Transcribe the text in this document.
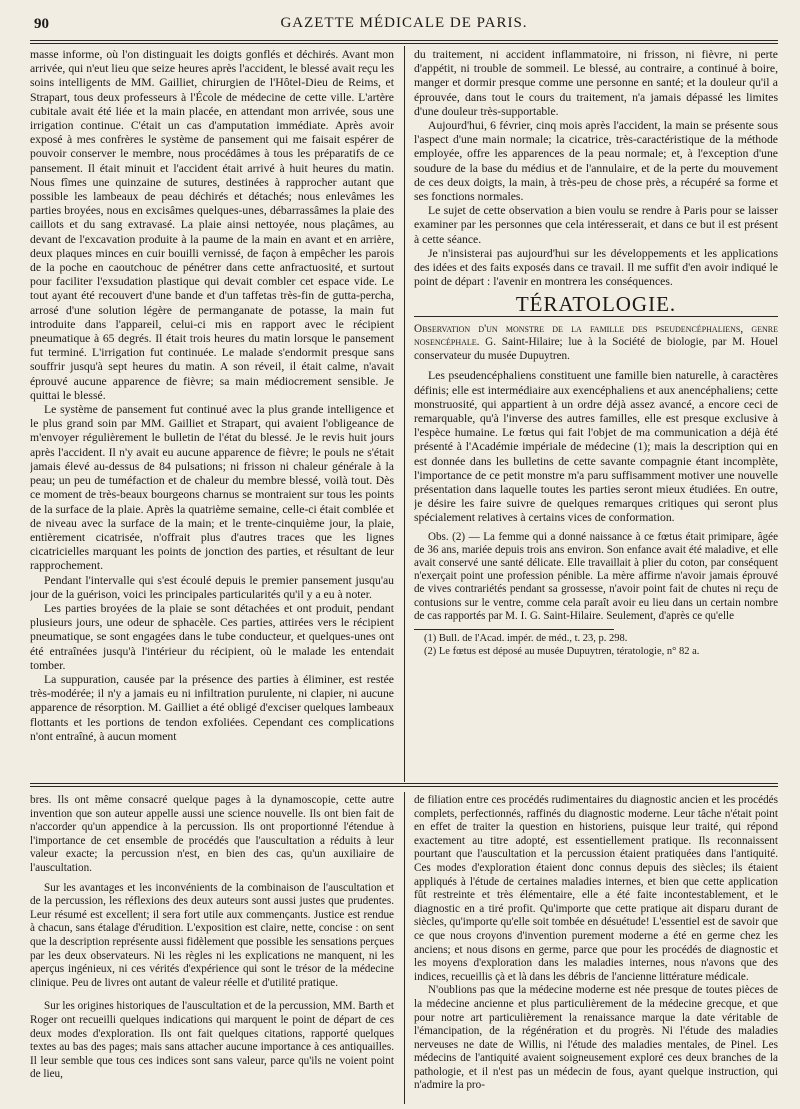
90	GAZETTE MÉDICALE DE PARIS.

masse informe, où l'on distinguait les doigts gonflés et déchirés. Avant mon arrivée, qui n'eut lieu que seize heures après l'accident, le blessé avait reçu les soins intelligents de MM. Gailliet, chirurgien de l'Hôtel-Dieu de Reims, et Strapart, tous deux professeurs à l'École de médecine de cette ville. L'artère cubitale avait été liée et la main placée, en attendant mon arrivée, sous une irrigation continue. C'était un cas d'amputation immédiate. Après avoir exposé à mes confrères le système de pansement qui me faisait espérer de pouvoir conserver le membre, nous procédâmes à tous les préparatifs de ce pansement. Il était minuit et l'accident était arrivé à huit heures du matin. Nous fîmes une quinzaine de sutures, destinées à rapprocher autant que possible les lambeaux de peau déchirés et détachés; nous enlevâmes les parties broyées, nous en excisâmes quelques-unes, débarrassâmes la plaie des caillots et du sang extravasé. La plaie ainsi nettoyée, nous plaçâmes, au devant de l'excavation produite à la paume de la main en avant et en arrière, deux plaques minces en cuir bouilli vernissé, de façon à empêcher les parois de la poche en caoutchouc de pénétrer dans cette anfractuosité, et surtout pour faciliter l'exsudation plastique qui devait combler cet espace vide. Le tout ayant été recouvert d'une bande et d'un taffetas très-fin de gutta-percha, arrosé d'une solution légère de permanganate de potasse, la main fut introduite dans l'appareil, celui-ci mis en rapport avec le récipient pneumatique à 65 degrés. Il était trois heures du matin lorsque le pansement fut terminé. L'irrigation fut continuée. Le malade s'endormit presque sans souffrir jusqu'à sept heures du matin. A son réveil, il était calme, n'avait éprouvé aucune apparence de fièvre; sa main médiocrement sensible. Je quittai le blessé.

Le système de pansement fut continué avec la plus grande intelligence et le plus grand soin par MM. Gailliet et Strapart, qui avaient l'obligeance de m'envoyer régulièrement le bulletin de l'état du blessé. Je le revis huit jours après l'accident. Il n'y avait eu aucune apparence de fièvre; le pouls ne s'était jamais élevé au-dessus de 84 pulsations; ni frisson ni chaleur générale à la peau; un peu de tuméfaction et de chaleur du membre blessé, voilà tout. Dès ce moment de très-beaux bourgeons charnus se montraient sur tous les points de la surface de la plaie. Après la quatrième semaine, celle-ci était comblée et de niveau avec la surface de la main; et le trente-cinquième jour, la plaie, entièrement cicatrisée, n'offrait plus d'autres traces que les lignes cicatricielles marquant les points de jonction des parties, et résultant de leur rapprochement.

Pendant l'intervalle qui s'est écoulé depuis le premier pansement jusqu'au jour de la guérison, voici les principales particularités qu'il y a eu à noter.

Les parties broyées de la plaie se sont détachées et ont produit, pendant plusieurs jours, une odeur de sphacèle. Ces parties, attirées vers le récipient pneumatique, se sont engagées dans le tube conducteur, et quelques-unes ont été entraînées jusqu'à l'intérieur du récipient, où le malade les entendait tomber.

La suppuration, causée par la présence des parties à éliminer, est restée très-modérée; il n'y a jamais eu ni infiltration purulente, ni clapier, ni aucune apparence de résorption. M. Gailliet a été obligé d'exciser quelques lambeaux flottants et les portions de tendon exfoliées. Cependant ces complications n'ont entraîné, à aucun moment

du traitement, ni accident inflammatoire, ni frisson, ni fièvre, ni perte d'appétit, ni trouble de sommeil. Le blessé, au contraire, a continué à boire, manger et dormir presque comme une personne en santé; et la douleur qu'il a éprouvée, dans tout le cours du traitement, n'a jamais dépassé les limites d'une douleur très-supportable.

Aujourd'hui, 6 février, cinq mois après l'accident, la main se présente sous l'aspect d'une main normale; la cicatrice, très-caractéristique de la méthode employée, offre les apparences de la peau normale; et, à l'exception d'une soudure de la base du médius et de l'annulaire, et de la perte du mouvement de ces deux doigts, la main, à très-peu de chose près, a récupéré sa forme et ses fonctions normales.

Le sujet de cette observation a bien voulu se rendre à Paris pour se laisser examiner par les personnes que cela intéresserait, et dans ce but il est présent à cette séance.

Je n'insisterai pas aujourd'hui sur les développements et les applications des idées et des faits exposés dans ce travail. Il me suffit d'en avoir indiqué le point de départ : l'avenir en montrera les conséquences.

TÉRATOLOGIE.

Observation d'un monstre de la famille des pseudencéphaliens, genre nosencéphale. G. Saint-Hilaire; lue à la Société de biologie, par M. Houel conservateur du musée Dupuytren.

Les pseudencéphaliens constituent une famille bien naturelle, à caractères définis; elle est intermédiaire aux exencéphaliens et aux anencéphaliens; cette monstruosité, qui appartient à un ordre déjà assez avancé, a encore ceci de remarquable, qu'à l'inverse des autres familles, elle est presque exclusive à l'espèce humaine. Le fœtus qui fait l'objet de ma communication a déjà été présenté à l'Académie impériale de médecine (1); mais la description qui en est donnée dans les bulletins de cette savante compagnie étant incomplète, l'importance de ce petit monstre m'a paru suffisamment motiver une nouvelle présentation dans laquelle toutes les parties seront mieux étudiées. En outre, je désire les faire suivre de quelques remarques critiques qui seront plus spécialement relatives à certains vices de conformation.

Obs. (2) — La femme qui a donné naissance à ce fœtus était primipare, âgée de 36 ans, mariée depuis trois ans environ. Son enfance avait été maladive, et elle avait conservé une santé délicate. Elle travaillait à plier du coton, par conséquent n'exerçait point une profession pénible. La mère affirme n'avoir jamais éprouvé de vives contrariétés pendant sa grossesse, n'avoir point fait de chutes ni reçu de contusions sur le ventre, comme cela paraît avoir eu lieu dans un certain nombre de cas rapportés par M. I. G. Saint-Hilaire. Seulement, d'après ce qu'elle

(1) Bull. de l'Acad. impér. de méd., t. 23, p. 298.

(2) Le fœtus est déposé au musée Dupuytren, tératologie, n° 82 a.

bres. Ils ont même consacré quelque pages à la dynamoscopie, cette autre invention que son auteur appelle aussi une science nouvelle. Ils ont bien fait de n'accorder qu'un appendice à la percussion. Ils ont proportionné l'étendue à l'importance de cet ensemble de procédés que l'auscultation a réduits à leur valeur exacte; la percussion n'est, en bien des cas, qu'un auxiliaire de l'auscultation.

Sur les avantages et les inconvénients de la combinaison de l'auscultation et de la percussion, les réflexions des deux auteurs sont aussi justes que prudentes. Leur résumé est excellent; il sera fort utile aux commençants. Justice est rendue à chacun, sans étalage d'érudition. L'exposition est claire, nette, concise : on sent que la description représente aussi fidèlement que possible les sensations perçues par les deux observateurs. Ni les règles ni les explications ne manquent, ni les aperçus ingénieux, ni ces vérités d'expérience qui sont le trésor de la médecine clinique. Peu de livres ont autant de valeur réelle et d'utilité pratique.

Sur les origines historiques de l'auscultation et de la percussion, MM. Barth et Roger ont recueilli quelques indications qui marquent le point de départ de ces deux modes d'exploration. Ils ont fait quelques citations, rapporté quelques textes au bas des pages; mais sans attacher aucune importance à ces antiquailles. Il leur semble que tous ces indices sont sans valeur, parce qu'ils ne voient point de lieu,

de filiation entre ces procédés rudimentaires du diagnostic ancien et les procédés complets, perfectionnés, raffinés du diagnostic moderne. Leur tâche n'était point en effet de traiter la question en historiens, puisque leur traité, qui répond exactement au titre adopté, est essentiellement pratique. Ils reconnaissent pourtant que l'auscultation et la percussion étaient pratiquées dans l'antiquité. Ces modes d'exploration étaient donc connus depuis des siècles; ils étaient appliqués à l'étude de certaines maladies internes, et bien que cette application fût restreinte et très élémentaire, elle a été faite incontestablement, et le diagnostic en a tiré profit. Qu'importe que cette pratique ait disparu durant de siècles, qu'importe qu'elle soit tombée en désuétude! L'essentiel est de savoir que ce que nous croyons d'invention purement moderne a été en germe chez les anciens; et nous disons en germe, parce que pour les procédés de diagnostic et les moyens d'exploration dans les maladies internes, nous n'avons que des indices, recueillis çà et là dans les débris de l'ancienne littérature médicale.

N'oublions pas que la médecine moderne est née presque de toutes pièces de la médecine ancienne et plus particulièrement de la médecine grecque, et que pour notre art particulièrement la renaissance marque la date véritable de l'émancipation, de la régénération et du progrès. Ni l'étude des maladies nerveuses ne date de Willis, ni l'étude des maladies mentales, de Pinel. Les médecins de l'antiquité avaient soigneusement exploré ces deux branches de la pathologie, et il n'est pas un médecin de fous, ayant quelque instruction, qui n'admire la pro-
